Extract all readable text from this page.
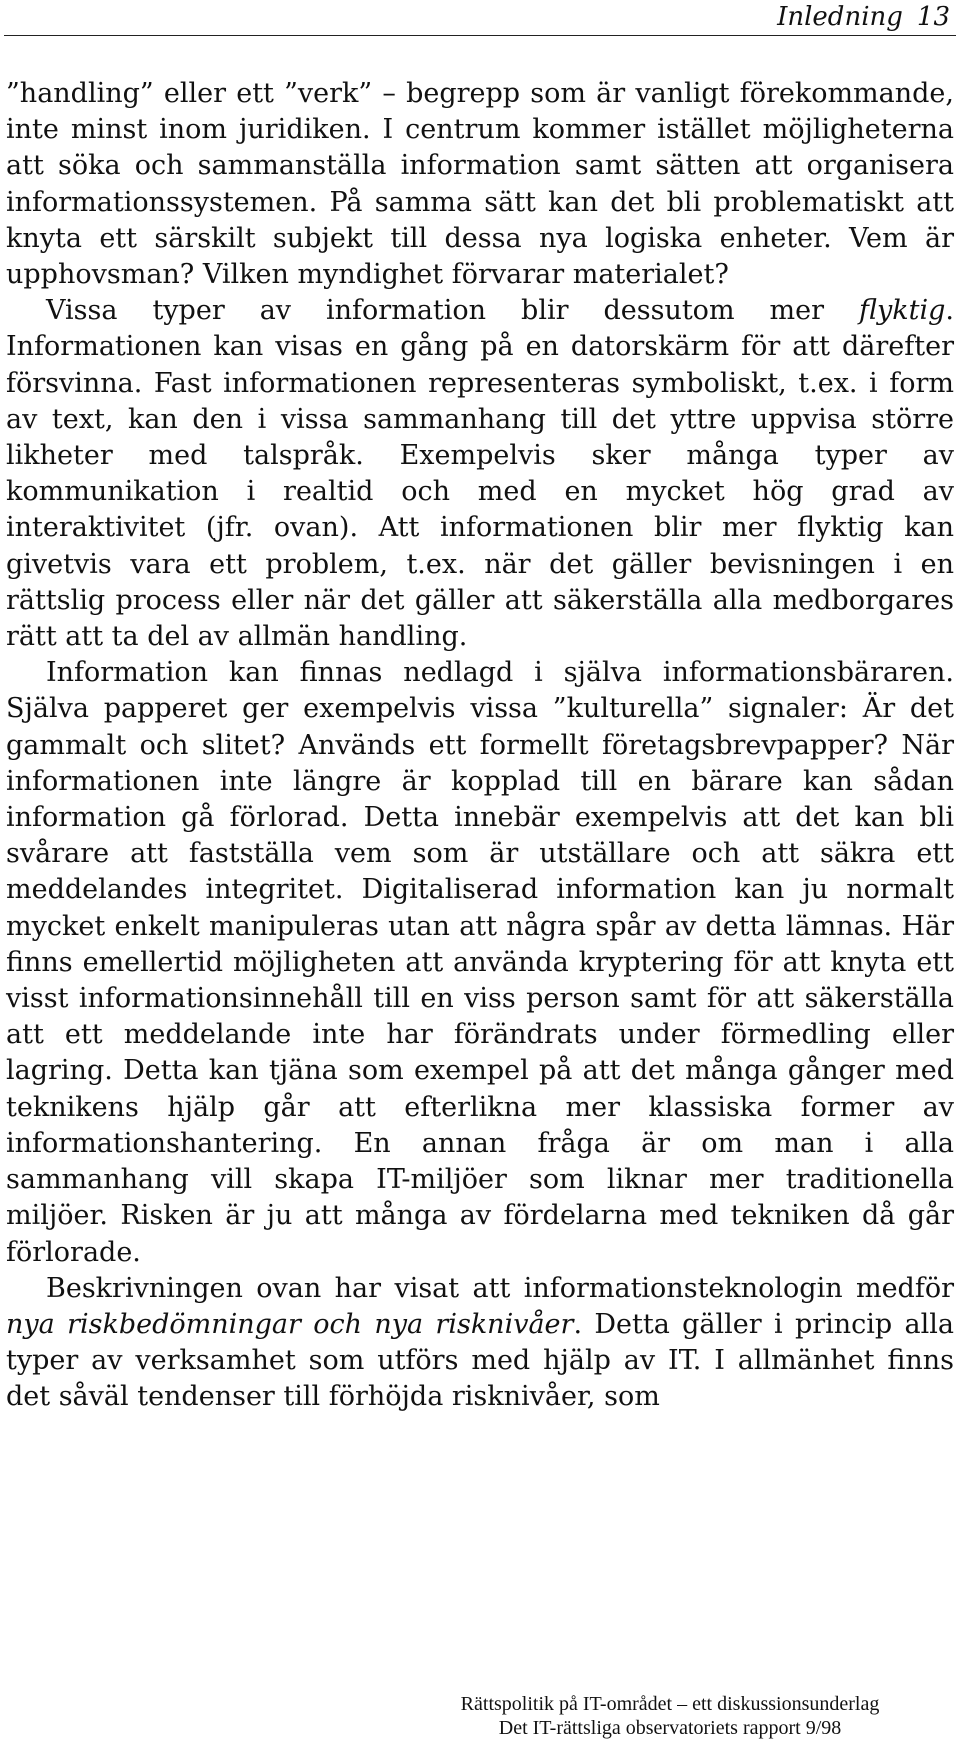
Inledning 13

”handling” eller ett ”verk” – begrepp som är vanligt förekommande, inte minst inom juridiken. I centrum kommer istället möjligheterna att söka och sammanställa information samt sätten att organisera informationssystemen. På samma sätt kan det bli problematiskt att knyta ett särskilt subjekt till dessa nya logiska enheter. Vem är upphovsman? Vilken myndighet förvarar materialet?

Vissa typer av information blir dessutom mer flyktig. Informationen kan visas en gång på en datorskärm för att därefter försvinna. Fast informationen representeras symboliskt, t.ex. i form av text, kan den i vissa sammanhang till det yttre uppvisa större likheter med talspråk. Exempelvis sker många typer av kommunikation i realtid och med en mycket hög grad av interaktivitet (jfr. ovan). Att informationen blir mer flyktig kan givetvis vara ett problem, t.ex. när det gäller bevisningen i en rättslig process eller när det gäller att säkerställa alla medborgares rätt att ta del av allmän handling.

Information kan finnas nedlagd i själva informationsbäraren. Själva papperet ger exempelvis vissa ”kulturella” signaler: Är det gammalt och slitet? Används ett formellt företagsbrevpapper? När informationen inte längre är kopplad till en bärare kan sådan information gå förlorad. Detta innebär exempelvis att det kan bli svårare att fastställa vem som är utställare och att säkra ett meddelandes integritet. Digitaliserad information kan ju normalt mycket enkelt manipuleras utan att några spår av detta lämnas. Här finns emellertid möjligheten att använda kryptering för att knyta ett visst informationsinnehåll till en viss person samt för att säkerställa att ett meddelande inte har förändrats under förmedling eller lagring. Detta kan tjäna som exempel på att det många gånger med teknikens hjälp går att efterlikna mer klassiska former av informationshantering. En annan fråga är om man i alla sammanhang vill skapa IT-miljöer som liknar mer traditionella miljöer. Risken är ju att många av fördelarna med tekniken då går förlorade.

Beskrivningen ovan har visat att informationsteknologin medför nya riskbedömningar och nya risknivåer. Detta gäller i princip alla typer av verksamhet som utförs med hjälp av IT. I allmänhet finns det såväl tendenser till förhöjda risknivåer, som

Rättspolitik på IT-området – ett diskussionsunderlag
Det IT-rättsliga observatoriets rapport 9/98
